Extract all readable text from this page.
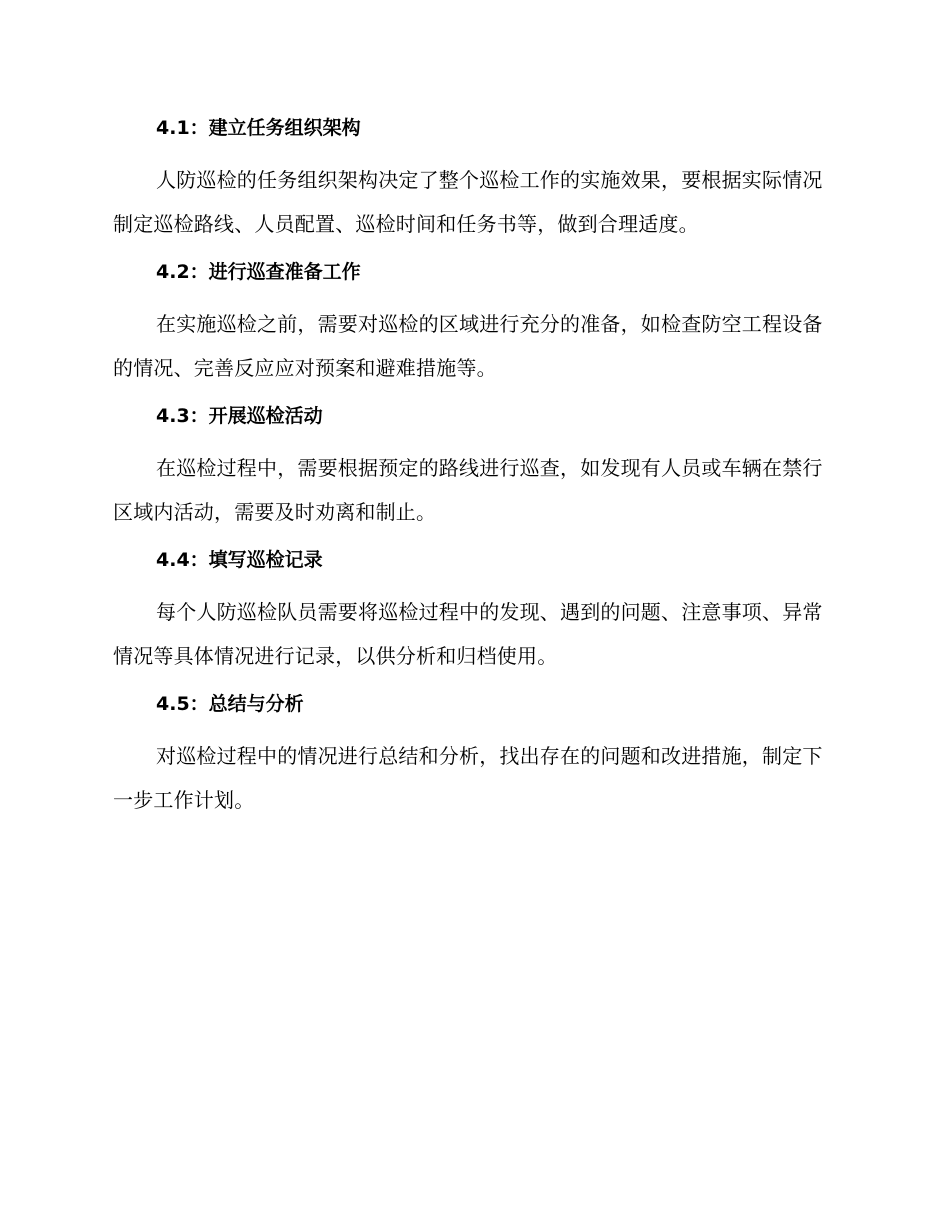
4.1：建立任务组织架构

人防巡检的任务组织架构决定了整个巡检工作的实施效果，要根据实际情况制定巡检路线、人员配置、巡检时间和任务书等，做到合理适度。

4.2：进行巡查准备工作

在实施巡检之前，需要对巡检的区域进行充分的准备，如检查防空工程设备的情况、完善反应应对预案和避难措施等。

4.3：开展巡检活动

在巡检过程中，需要根据预定的路线进行巡查，如发现有人员或车辆在禁行区域内活动，需要及时劝离和制止。

4.4：填写巡检记录

每个人防巡检队员需要将巡检过程中的发现、遇到的问题、注意事项、异常情况等具体情况进行记录，以供分析和归档使用。

4.5：总结与分析

对巡检过程中的情况进行总结和分析，找出存在的问题和改进措施，制定下一步工作计划。
